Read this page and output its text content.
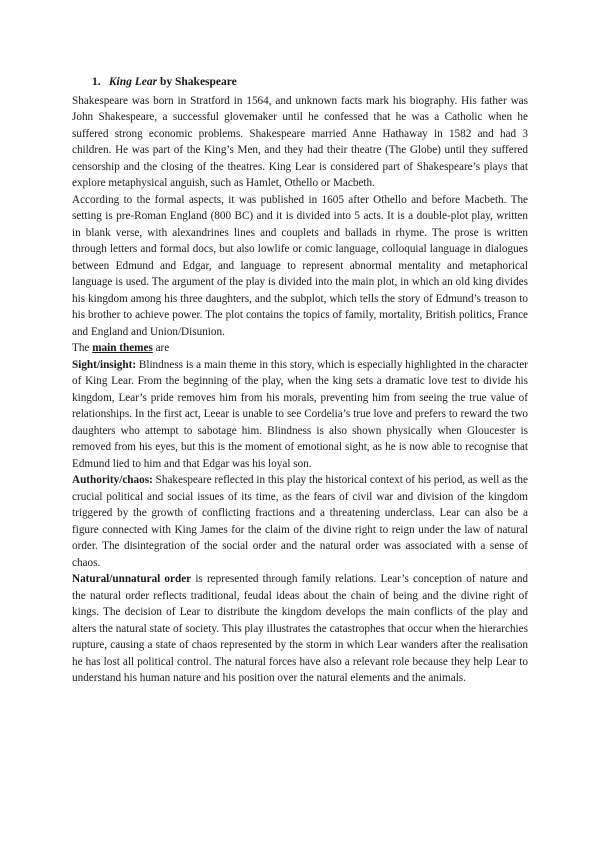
1. King Lear by Shakespeare

Shakespeare was born in Stratford in 1564, and unknown facts mark his biography. His father was John Shakespeare, a successful glovemaker until he confessed that he was a Catholic when he suffered strong economic problems. Shakespeare married Anne Hathaway in 1582 and had 3 children. He was part of the King’s Men, and they had their theatre (The Globe) until they suffered censorship and the closing of the theatres. King Lear is considered part of Shakespeare’s plays that explore metaphysical anguish, such as Hamlet, Othello or Macbeth.

According to the formal aspects, it was published in 1605 after Othello and before Macbeth. The setting is pre-Roman England (800 BC) and it is divided into 5 acts. It is a double-plot play, written in blank verse, with alexandrines lines and couplets and ballads in rhyme. The prose is written through letters and formal docs, but also lowlife or comic language, colloquial language in dialogues between Edmund and Edgar, and language to represent abnormal mentality and metaphorical language is used. The argument of the play is divided into the main plot, in which an old king divides his kingdom among his three daughters, and the subplot, which tells the story of Edmund’s treason to his brother to achieve power. The plot contains the topics of family, mortality, British politics, France and England and Union/Disunion.

The main themes are

Sight/insight: Blindness is a main theme in this story, which is especially highlighted in the character of King Lear. From the beginning of the play, when the king sets a dramatic love test to divide his kingdom, Lear’s pride removes him from his morals, preventing him from seeing the true value of relationships. In the first act, Leear is unable to see Cordelia’s true love and prefers to reward the two daughters who attempt to sabotage him. Blindness is also shown physically when Gloucester is removed from his eyes, but this is the moment of emotional sight, as he is now able to recognise that Edmund lied to him and that Edgar was his loyal son.

Authority/chaos: Shakespeare reflected in this play the historical context of his period, as well as the crucial political and social issues of its time, as the fears of civil war and division of the kingdom triggered by the growth of conflicting fractions and a threatening underclass. Lear can also be a figure connected with King James for the claim of the divine right to reign under the law of natural order. The disintegration of the social order and the natural order was associated with a sense of chaos.

Natural/unnatural order is represented through family relations. Lear’s conception of nature and the natural order reflects traditional, feudal ideas about the chain of being and the divine right of kings. The decision of Lear to distribute the kingdom develops the main conflicts of the play and alters the natural state of society. This play illustrates the catastrophes that occur when the hierarchies rupture, causing a state of chaos represented by the storm in which Lear wanders after the realisation he has lost all political control. The natural forces have also a relevant role because they help Lear to understand his human nature and his position over the natural elements and the animals.
